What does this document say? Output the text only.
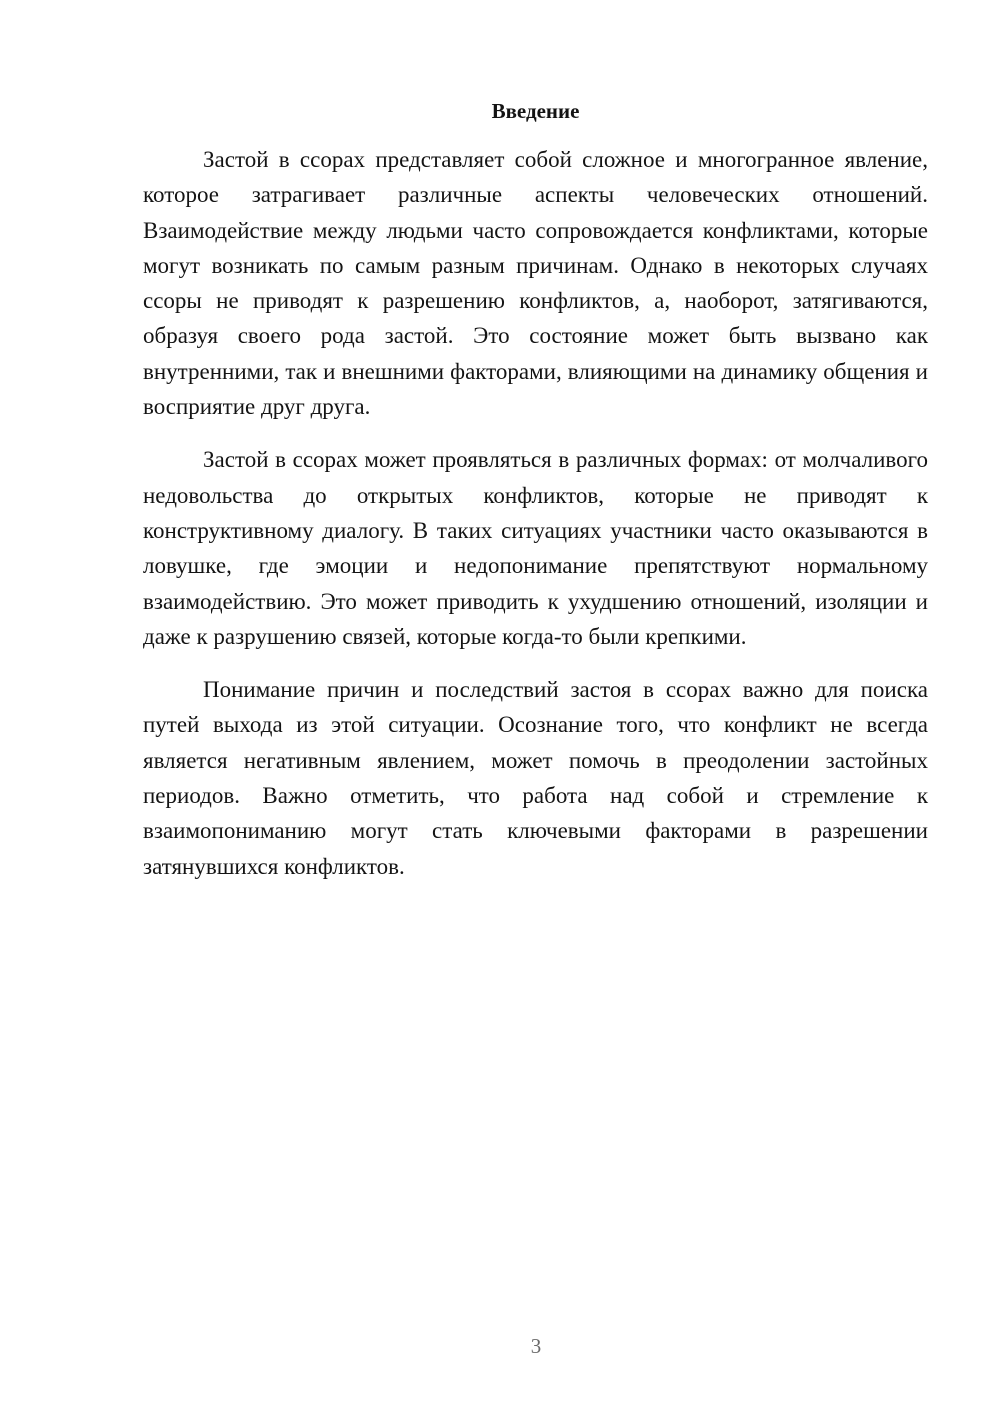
Введение

Застой в ссорах представляет собой сложное и многогранное явление, которое затрагивает различные аспекты человеческих отношений. Взаимодействие между людьми часто сопровождается конфликтами, которые могут возникать по самым разным причинам. Однако в некоторых случаях ссоры не приводят к разрешению конфликтов, а, наоборот, затягиваются, образуя своего рода застой. Это состояние может быть вызвано как внутренними, так и внешними факторами, влияющими на динамику общения и восприятие друг друга.

Застой в ссорах может проявляться в различных формах: от молчаливого недовольства до открытых конфликтов, которые не приводят к конструктивному диалогу. В таких ситуациях участники часто оказываются в ловушке, где эмоции и недопонимание препятствуют нормальному взаимодействию. Это может приводить к ухудшению отношений, изоляции и даже к разрушению связей, которые когда-то были крепкими.

Понимание причин и последствий застоя в ссорах важно для поиска путей выхода из этой ситуации. Осознание того, что конфликт не всегда является негативным явлением, может помочь в преодолении застойных периодов. Важно отметить, что работа над собой и стремление к взаимопониманию могут стать ключевыми факторами в разрешении затянувшихся конфликтов.

3
